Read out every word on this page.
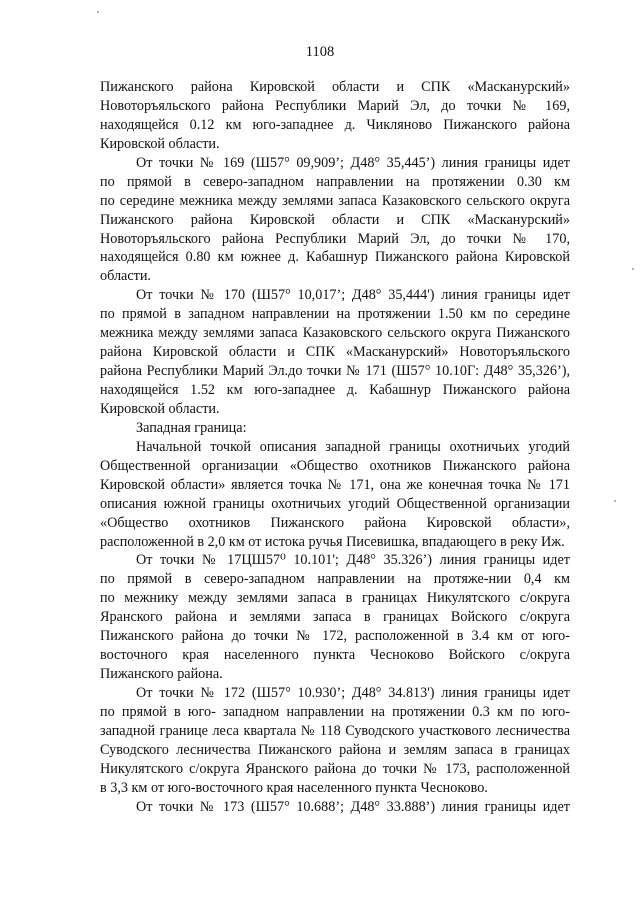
1108
Пижанского района Кировской области и СПК «Масканурский»
Новоторъяльского района Республики Марий Эл, до точки № 169,
находящейся 0.12 км юго-западнее д. Чикляново Пижанского района
Кировской области.
От точки № 169 (Ш57° 09,909’; Д48° 35,445’) линия границы идет
по прямой в северо-западном направлении на протяжении 0.30 км
по середине межника между землями запаса Казаковского сельского округа
Пижанского района Кировской области и СПК «Масканурский»
Новоторъяльского района Республики Марий Эл, до точки № 170,
находящейся 0.80 км южнее д. Кабашнур Пижанского района Кировской
области.
От точки № 170 (Ш57° 10,017’; Д48° 35,444') линия границы идет
по прямой в западном направлении на протяжении 1.50 км по середине
межника между землями запаса Казаковского сельского округа Пижанского
района Кировской области и СПК «Масканурский» Новоторъяльского
района Республики Марий Эл.до точки № 171 (Ш57° 10.10Г: Д48° 35,326’),
находящейся 1.52 км юго-западнее д. Кабашнур Пижанского района
Кировской области.
Западная граница:
Начальной точкой описания западной границы охотничьих угодий
Общественной организации «Общество охотников Пижанского района
Кировской области» является точка № 171, она же конечная точка № 171
описания южной границы охотничьих угодий Общественной организации
«Общество охотников Пижанского района Кировской области»,
расположенной в 2,0 км от истока ручья Писевишка, впадающего в реку Иж.
От точки № 17ЦШ57⁰ 10.101'; Д48° 35.326’) линия границы идет
по прямой в северо-западном направлении на протяже-нии 0,4 км
по межнику между землями запаса в границах Никулятского с/округа
Яранского района и землями запаса в границах Войского с/округа
Пижанского района до точки № 172, расположенной в 3.4 км от юго-
восточного края населенного пункта Чесноково Войского с/округа
Пижанского района.
От точки № 172 (Ш57° 10.930’; Д48° 34.813') линия границы идет
по прямой в юго- западном направлении на протяжении 0.3 км по юго-
западной границе леса квартала № 118 Суводского участкового лесничества
Суводского лесничества Пижанского района и землям запаса в границах
Никулятского с/округа Яранского района до точки № 173, расположенной
в 3,3 км от юго-восточного края населенного пункта Чесноково.
От точки № 173 (Ш57° 10.688’; Д48° 33.888’) линия границы идет
